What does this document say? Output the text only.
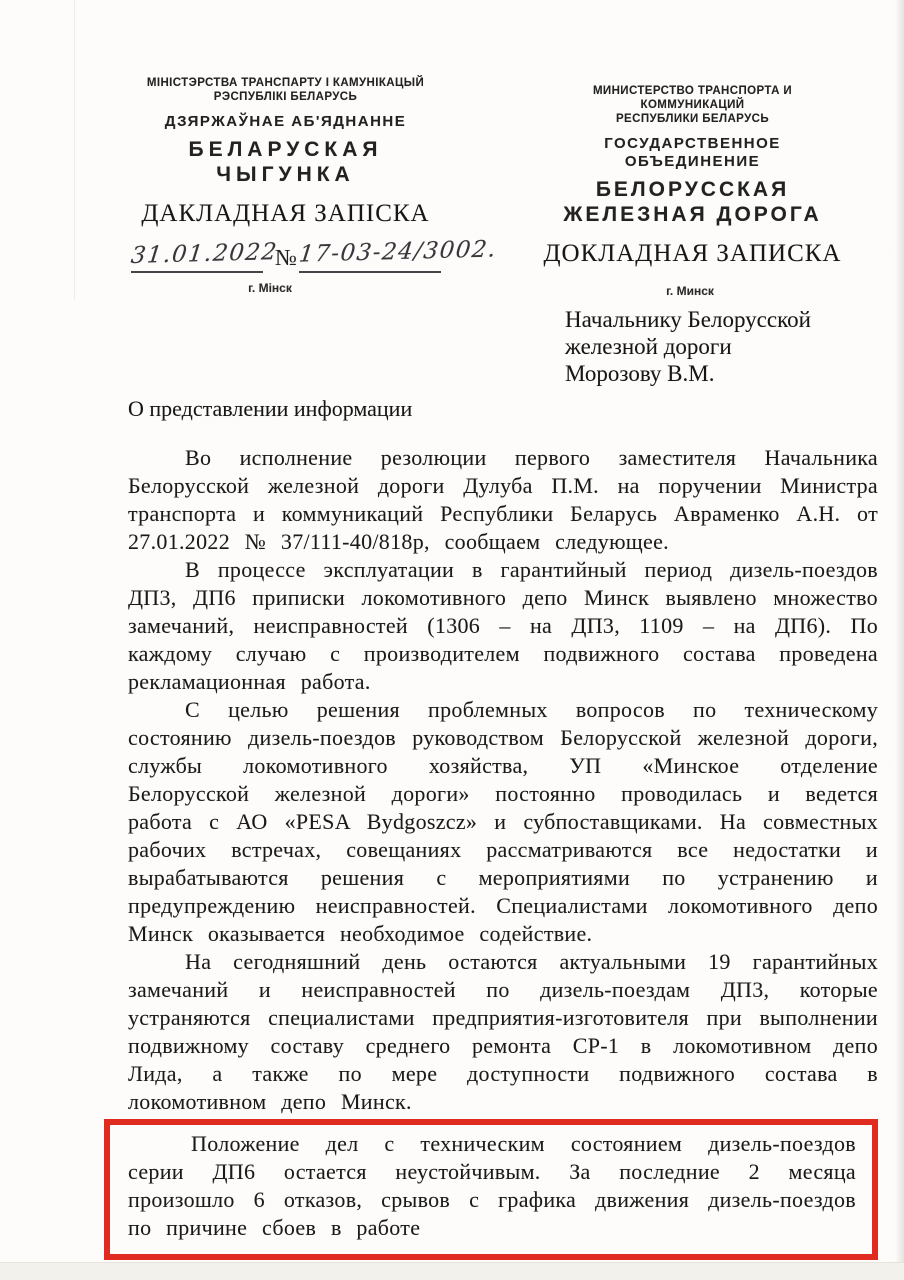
МІНІСТЭРСТВА ТРАНСПАРТУ І КАМУНІКАЦЫЙ
РЭСПУБЛІКІ БЕЛАРУСЬ
ДЗЯРЖАЎНАЕ АБ'ЯДНАННЕ
БЕЛАРУСКАЯ
ЧЫГУНКА
ДАКЛАДНАЯ ЗАПІСКА
МИНИСТЕРСТВО ТРАНСПОРТА И КОММУНИКАЦИЙ
РЕСПУБЛИКИ БЕЛАРУСЬ
ГОСУДАРСТВЕННОЕ ОБЪЕДИНЕНИЕ
БЕЛОРУССКАЯ
ЖЕЛЕЗНАЯ ДОРОГА
ДОКЛАДНАЯ ЗАПИСКА
31.01.2022
№ 17-03-24/3002.
г. Мінск	г. Минск
Начальнику Белорусской
железной дороги
Морозову В.М.
О представлении информации

Во исполнение резолюции первого заместителя Начальника Белорусской железной дороги Дулуба П.М. на поручении Министра транспорта и коммуникаций Республики Беларусь Авраменко А.Н. от 27.01.2022 № 37/111-40/818р, сообщаем следующее.

В процессе эксплуатации в гарантийный период дизель-поездов ДП3, ДП6 приписки локомотивного депо Минск выявлено множество замечаний, неисправностей (1306 – на ДП3, 1109 – на ДП6). По каждому случаю с производителем подвижного состава проведена рекламационная работа.

С целью решения проблемных вопросов по техническому состоянию дизель-поездов руководством Белорусской железной дороги, службы локомотивного хозяйства, УП «Минское отделение Белорусской железной дороги» постоянно проводилась и ведется работа с АО «PESA Bydgoszcz» и субпоставщиками. На совместных рабочих встречах, совещаниях рассматриваются все недостатки и вырабатываются решения с мероприятиями по устранению и предупреждению неисправностей. Специалистами локомотивного депо Минск оказывается необходимое содействие.

На сегодняшний день остаются актуальными 19 гарантийных замечаний и неисправностей по дизель-поездам ДП3, которые устраняются специалистами предприятия-изготовителя при выполнении подвижному составу среднего ремонта СР-1 в локомотивном депо Лида, а также по мере доступности подвижного состава в локомотивном депо Минск.

Положение дел с техническим состоянием дизель-поездов серии ДП6 остается неустойчивым. За последние 2 месяца произошло 6 отказов, срывов с графика движения дизель-поездов по причине сбоев в работе
